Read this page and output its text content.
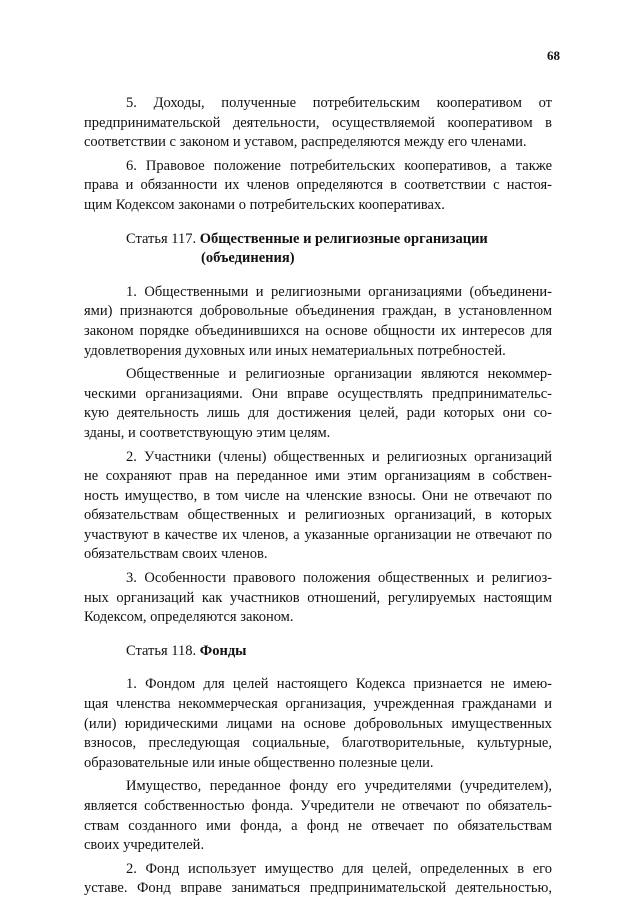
68
5. Доходы, полученные потребительским кооперативом от
предпринимательской деятельности, осуществляемой кооперативом в
соответствии с законом и уставом, распределяются между его членами.
6. Правовое положение потребительских кооперативов, а также
права и обязанности их членов определяются в соответствии с настоя-
щим Кодексом законами о потребительских кооперативах.
Статья 117. Общественные и религиозные организации
(объединения)
1. Общественными и религиозными организациями (объединени-
ями) признаются добровольные объединения граждан, в установленном
законом порядке объединившихся на основе общности их интересов для
удовлетворения духовных или иных нематериальных потребностей.
Общественные и религиозные организации являются некоммер-
ческими организациями. Они вправе осуществлять предпринимательс-
кую деятельность лишь для достижения целей, ради которых они со-
зданы, и соответствующую этим целям.
2. Участники (члены) общественных и религиозных организаций
не сохраняют прав на переданное ими этим организациям в собствен-
ность имущество, в том числе на членские взносы. Они не отвечают по
обязательствам общественных и религиозных организаций, в которых
участвуют в качестве их членов, а указанные организации не отвечают по
обязательствам своих членов.
3. Особенности правового положения общественных и религиоз-
ных организаций как участников отношений, регулируемых настоящим
Кодексом, определяются законом.
Статья 118. Фонды
1. Фондом для целей настоящего Кодекса признается не имею-
щая членства некоммерческая организация, учрежденная гражданами и
(или) юридическими лицами на основе добровольных имущественных
взносов, преследующая социальные, благотворительные, культурные,
образовательные или иные общественно полезные цели.
Имущество, переданное фонду его учредителями (учредителем),
является собственностью фонда. Учредители не отвечают по обязатель-
ствам созданного ими фонда, а фонд не отвечает по обязательствам
своих учредителей.
2. Фонд использует имущество для целей, определенных в его
уставе. Фонд вправе заниматься предпринимательской деятельностью,
